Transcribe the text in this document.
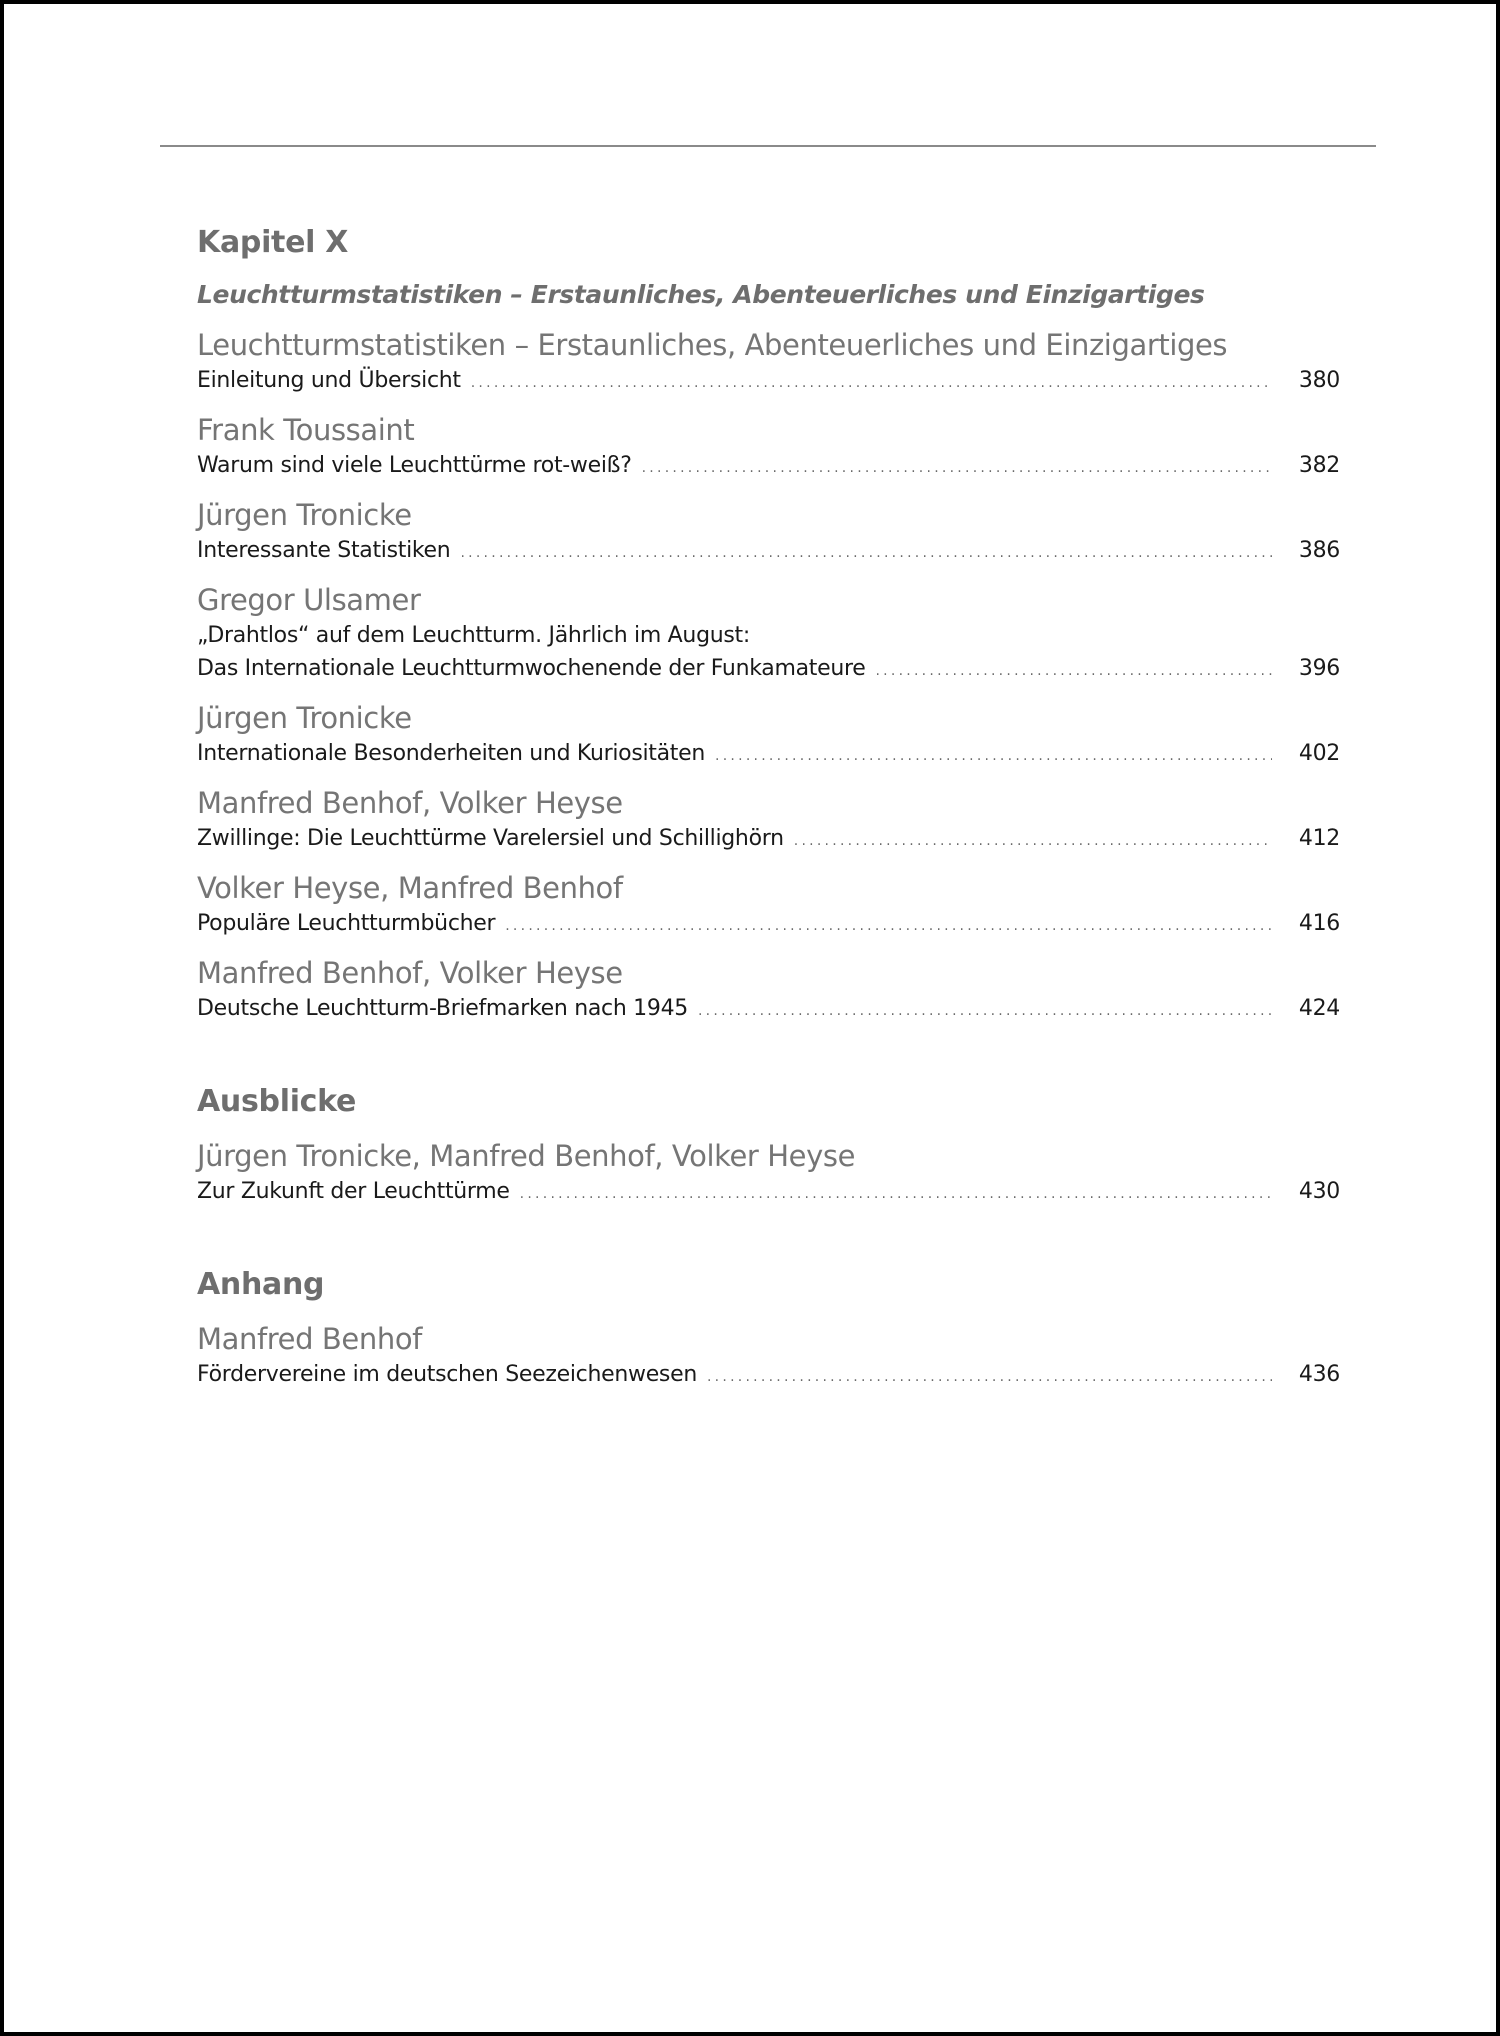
Kapitel X
Leuchtturmstatistiken – Erstaunliches, Abenteuerliches und Einzigartiges
Leuchtturmstatistiken – Erstaunliches, Abenteuerliches und Einzigartiges
Einleitung und Übersicht . . .	380
Frank Toussaint
Warum sind viele Leuchttürme rot-weiß? . . .	382
Jürgen Tronicke
Interessante Statistiken . . .	386
Gregor Ulsamer
„Drahtlos“ auf dem Leuchtturm. Jährlich im August:
Das Internationale Leuchtturmwochenende der Funkamateure . . .	396
Jürgen Tronicke
Internationale Besonderheiten und Kuriositäten . . .	402
Manfred Benhof, Volker Heyse
Zwillinge: Die Leuchttürme Varelersiel und Schillighörn . . .	412
Volker Heyse, Manfred Benhof
Populäre Leuchtturmbücher . . .	416
Manfred Benhof, Volker Heyse
Deutsche Leuchtturm-Briefmarken nach 1945 . . .	424
Ausblicke
Jürgen Tronicke, Manfred Benhof, Volker Heyse
Zur Zukunft der Leuchttürme . . .	430
Anhang
Manfred Benhof
Fördervereine im deutschen Seezeichenwesen . . .	436
